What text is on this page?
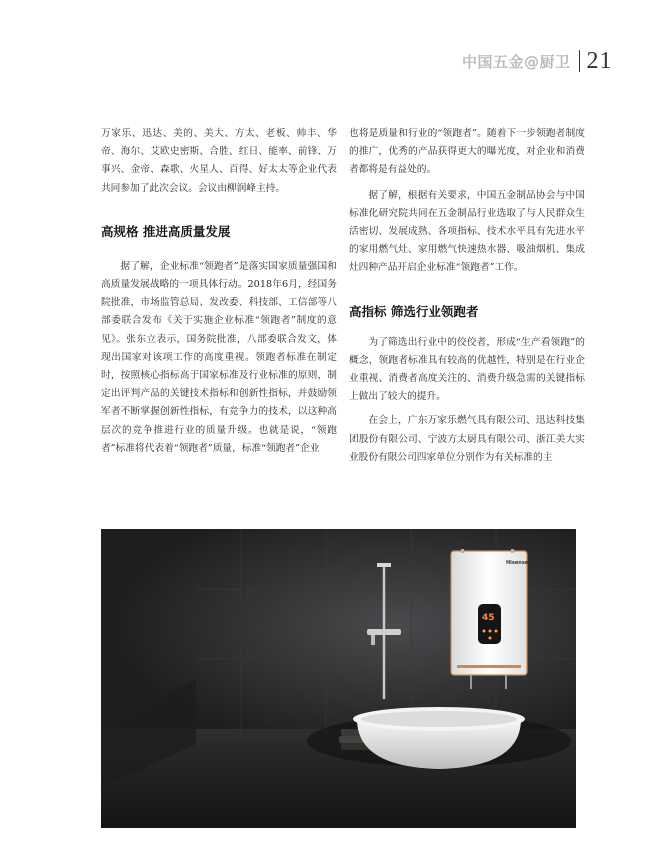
中国五金@厨卫 21

万家乐、迅达、美的、美大、方太、老板、帅丰、华帝、海尔、艾欧史密斯、合胜、红日、能率、前锋、万事兴、金帝、森歌、火星人、百得、好太太等企业代表共同参加了此次会议。会议由柳润峰主持。

高规格 推进高质量发展

据了解，企业标准“领跑者”是落实国家质量强国和高质量发展战略的一项具体行动。2018年6月，经国务院批准，市场监管总局、发改委、科技部、工信部等八部委联合发布《关于实施企业标准“领跑者”制度的意见》。张东立表示，国务院批准，八部委联合发文，体现出国家对该项工作的高度重视。领跑者标准在制定时，按照核心指标高于国家标准及行业标准的原则，制定出评判产品的关键技术指标和创新性指标，并鼓励领军者不断掌握创新性指标，有竞争力的技术，以这种高层次的竞争推进行业的质量升级。也就是说，“领跑者”标准将代表着“领跑者”质量，标准“领跑者”企业

也将是质量和行业的“领跑者”。随着下一步领跑者制度的推广，优秀的产品获得更大的曝光度，对企业和消费者都将是有益处的。

据了解，根据有关要求，中国五金制品协会与中国标准化研究院共同在五金制品行业选取了与人民群众生活密切、发展成熟、各项指标、技术水平具有先进水平的家用燃气灶、家用燃气快速热水器、吸油烟机、集成灶四种产品开启企业标准“领跑者”工作。

高指标 筛选行业领跑者

为了筛选出行业中的佼佼者，形成“生产看领跑”的概念，领跑者标准具有较高的优越性，特别是在行业企业重视、消费者高度关注的、消费升级急需的关键指标上做出了较大的提升。

在会上，广东万家乐燃气具有限公司、迅达科技集团股份有限公司、宁波方太厨具有限公司、浙江美大实业股份有限公司四家单位分别作为有关标准的主

Hisense
45
